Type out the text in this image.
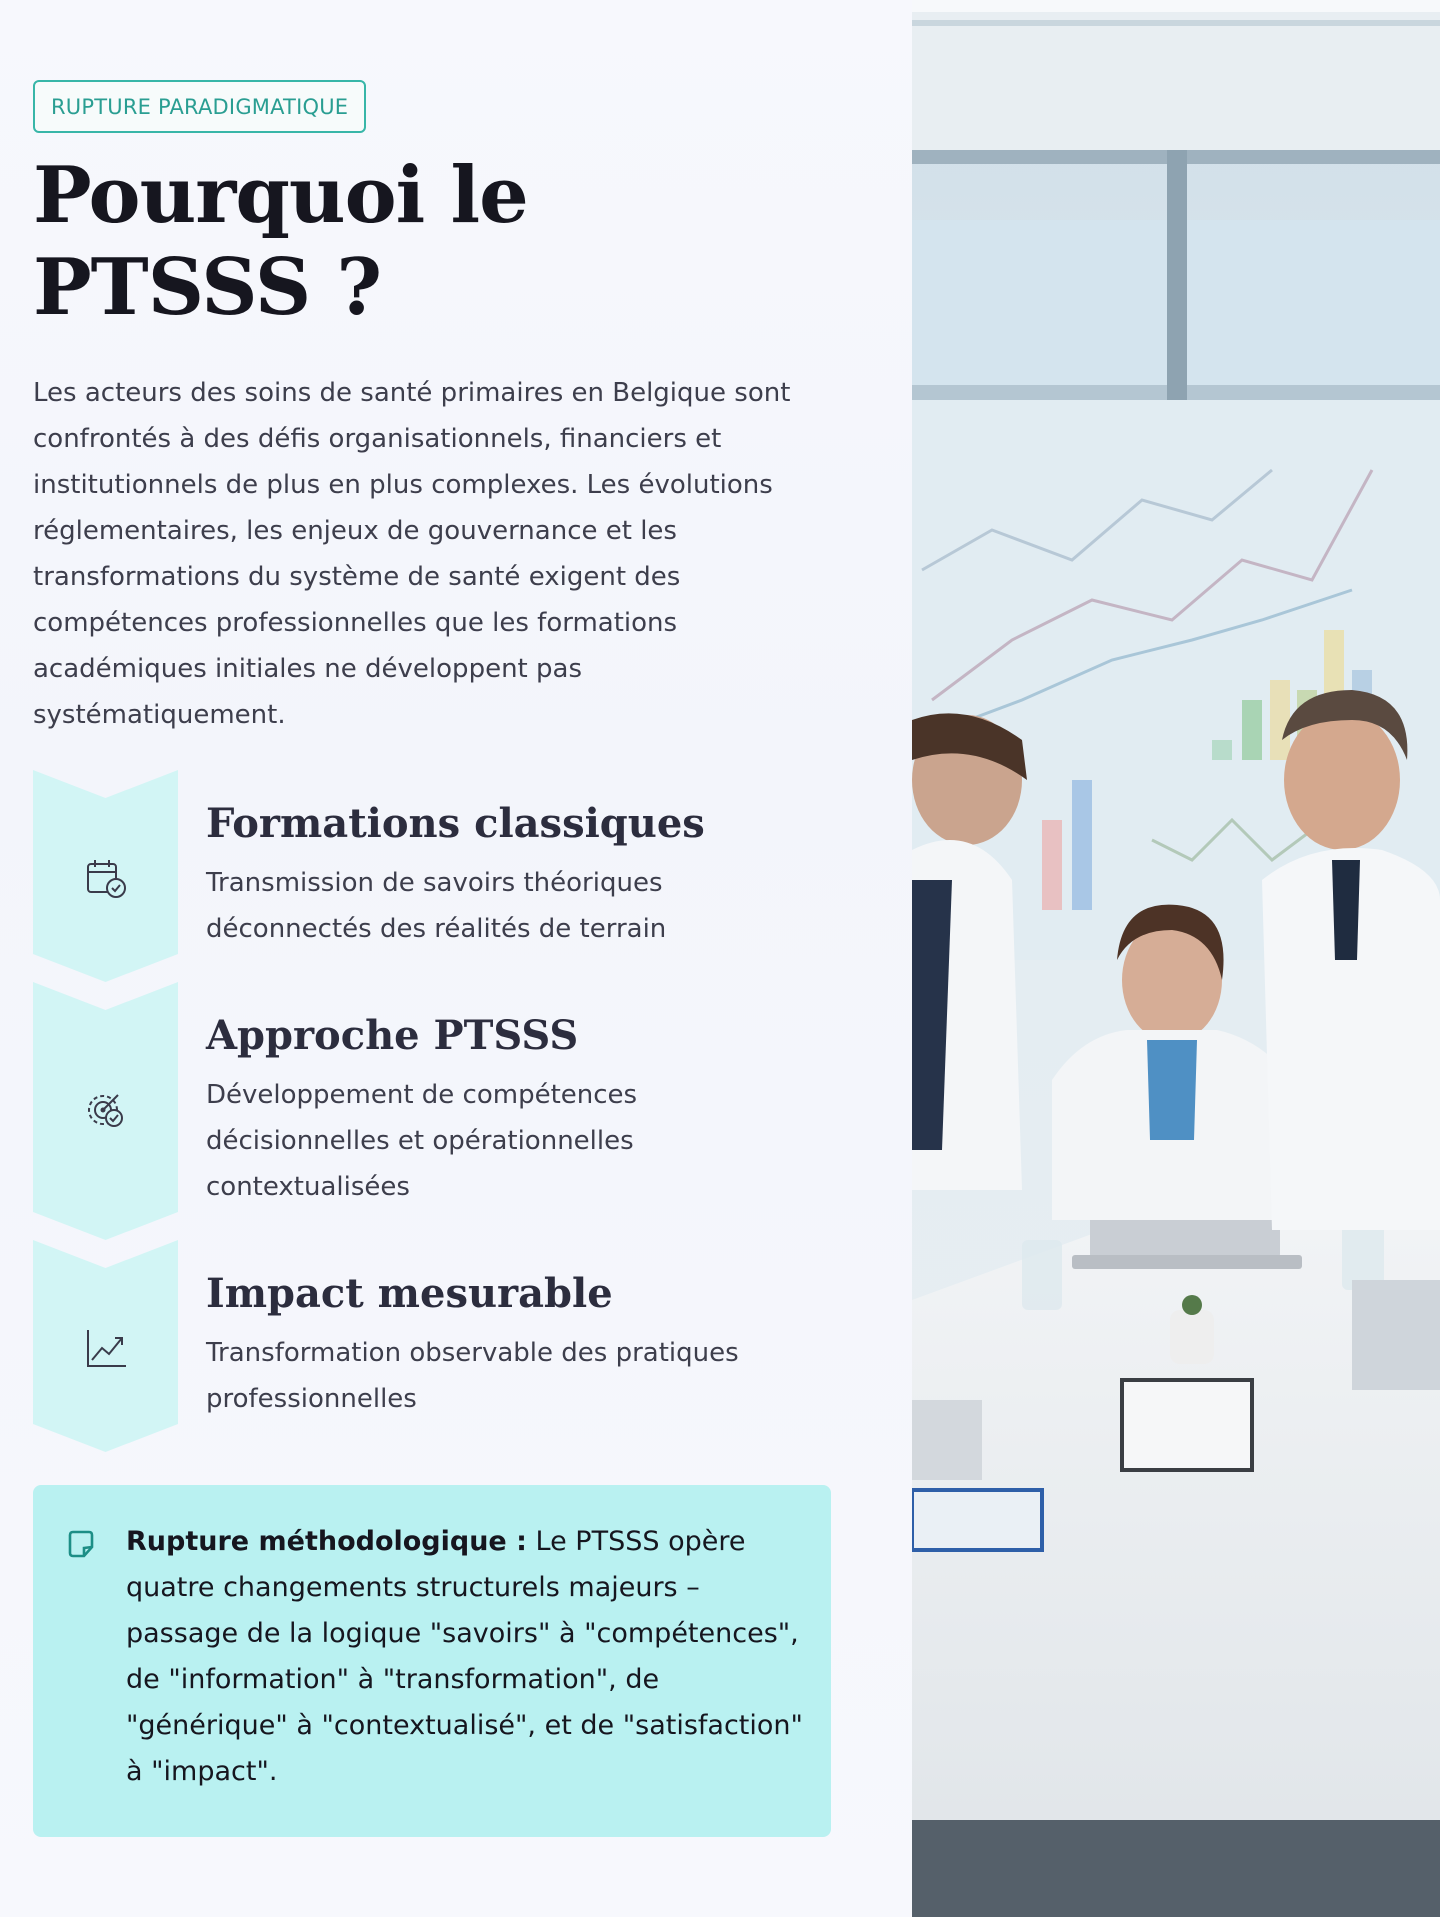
RUPTURE PARADIGMATIQUE
Pourquoi le
PTSSS ?

Les acteurs des soins de santé primaires en Belgique sont confrontés à des défis organisationnels, financiers et institutionnels de plus en plus complexes. Les évolutions réglementaires, les enjeux de gouvernance et les transformations du système de santé exigent des compétences professionnelles que les formations académiques initiales ne développent pas systématiquement.

Formations classiques
Transmission de savoirs théoriques déconnectés des réalités de terrain
Approche PTSSS
Développement de compétences décisionnelles et opérationnelles contextualisées
Impact mesurable
Transformation observable des pratiques professionnelles

Rupture méthodologique : Le PTSSS opère quatre changements structurels majeurs – passage de la logique "savoirs" à "compétences", de "information" à "transformation", de "générique" à "contextualisé", et de "satisfaction" à "impact".
